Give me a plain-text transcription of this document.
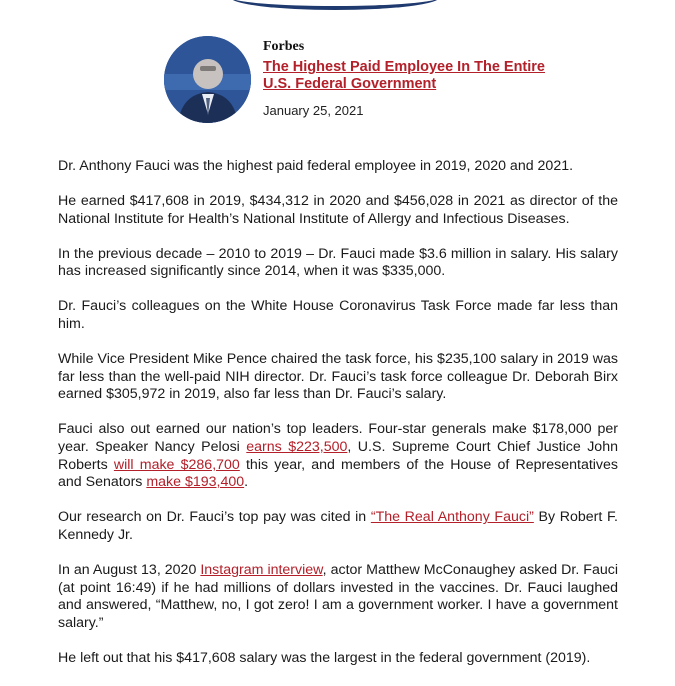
Forbes
The Highest Paid Employee In The Entire U.S. Federal Government
January 25, 2021

Dr. Anthony Fauci was the highest paid federal employee in 2019, 2020 and 2021.

He earned $417,608 in 2019, $434,312 in 2020 and $456,028 in 2021 as director of the National Institute for Health’s National Institute of Allergy and Infectious Diseases.

In the previous decade – 2010 to 2019 – Dr. Fauci made $3.6 million in salary. His salary has increased significantly since 2014, when it was $335,000.

Dr. Fauci’s colleagues on the White House Coronavirus Task Force made far less than him.

While Vice President Mike Pence chaired the task force, his $235,100 salary in 2019 was far less than the well-paid NIH director. Dr. Fauci’s task force colleague Dr. Deborah Birx earned $305,972 in 2019, also far less than Dr. Fauci’s salary.

Fauci also out earned our nation’s top leaders. Four-star generals make $178,000 per year. Speaker Nancy Pelosi earns $223,500, U.S. Supreme Court Chief Justice John Roberts will make $286,700 this year, and members of the House of Representatives and Senators make $193,400.

Our research on Dr. Fauci’s top pay was cited in “The Real Anthony Fauci” By Robert F. Kennedy Jr.

In an August 13, 2020 Instagram interview, actor Matthew McConaughey asked Dr. Fauci (at point 16:49) if he had millions of dollars invested in the vaccines. Dr. Fauci laughed and answered, “Matthew, no, I got zero! I am a government worker. I have a government salary.”

He left out that his $417,608 salary was the largest in the federal government (2019).
